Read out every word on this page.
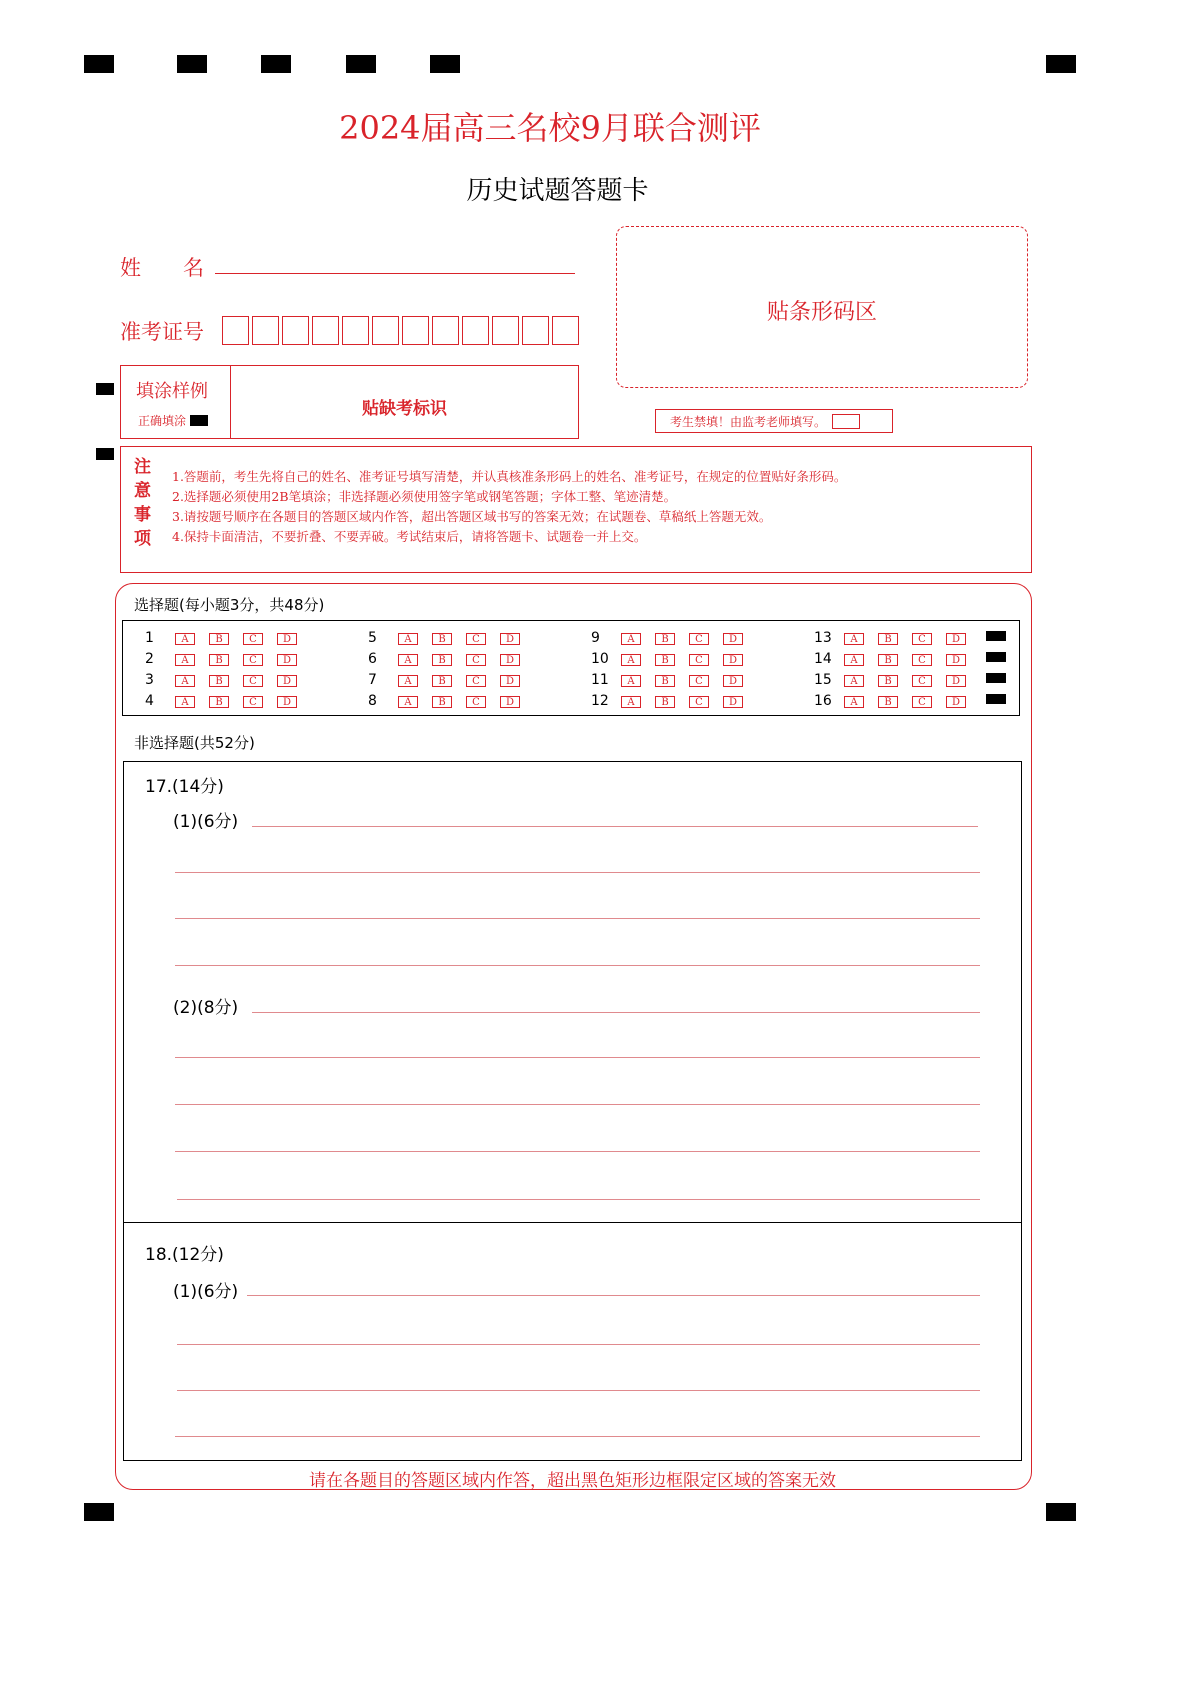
2024届高三名校9月联合测评
历史试题答题卡
姓　　名
准考证号
贴条形码区
填涂样例
正确填涂
贴缺考标识
考生禁填！由监考老师填写。
注
意
事
项
1.答题前，考生先将自己的姓名、准考证号填写清楚，并认真核准条形码上的姓名、准考证号，在规定的位置贴好条形码。
2.选择题必须使用2B笔填涂；非选择题必须使用签字笔或钢笔答题；字体工整、笔迹清楚。
3.请按题号顺序在各题目的答题区域内作答，超出答题区域书写的答案无效；在试题卷、草稿纸上答题无效。
4.保持卡面清洁，不要折叠、不要弄破。考试结束后，请将答题卡、试题卷一并上交。
选择题(每小题3分，共48分)
1	A	B	C	D
2	A	B	C	D
3	A	B	C	D
4	A	B	C	D
5	A	B	C	D
6	A	B	C	D
7	A	B	C	D
8	A	B	C	D
9	A	B	C	D
10 A	B	C	D
11 A	B	C	D
12 A	B	C	D
13 A	B	C	D
14 A	B	C	D
15 A	B	C	D
16 A	B	C	D
非选择题(共52分)
17.(14分)
(1)(6分)
(2)(8分)
18.(12分)
(1)(6分)
请在各题目的答题区域内作答，超出黑色矩形边框限定区域的答案无效
